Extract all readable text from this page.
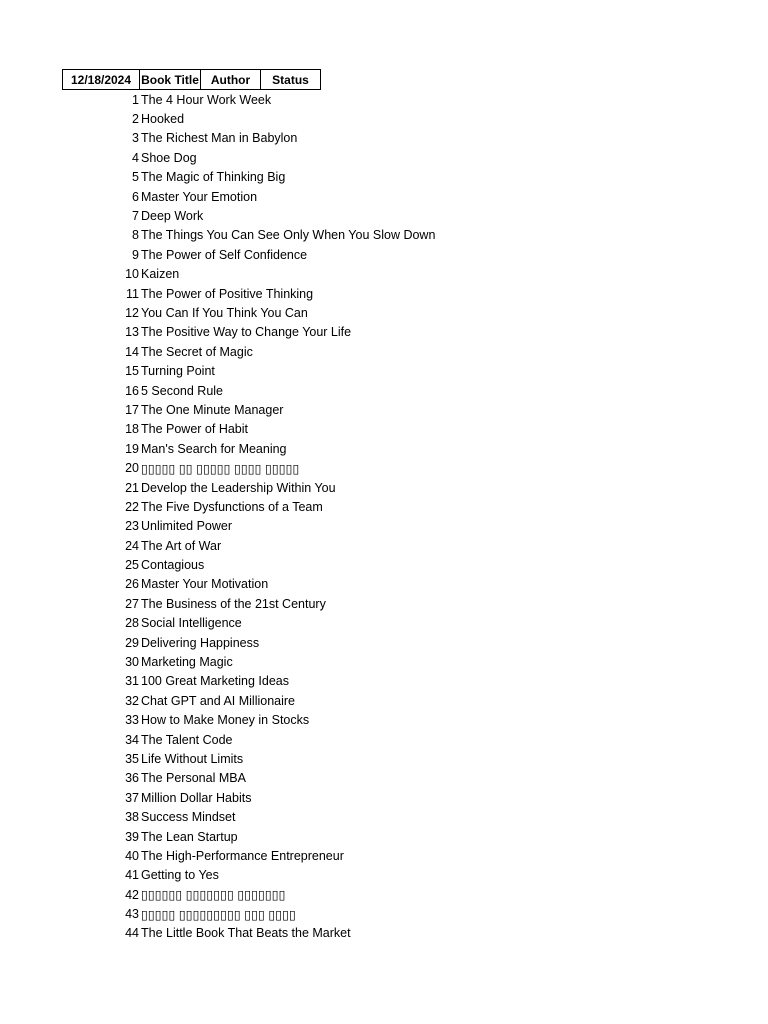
12/18/2024 Book Title Author	Status
1 The 4 Hour Work Week
2 Hooked
3 The Richest Man in Babylon
4 Shoe Dog
5 The Magic of Thinking Big
6 Master Your Emotion
7 Deep Work
8 The Things You Can See Only When You Slow Down
9 The Power of Self Confidence
10 Kaizen
11 The Power of Positive Thinking
12 You Can If You Think You Can
13 The Positive Way to Change Your Life
14 The Secret of Magic
15 Turning Point
16 5 Second Rule
17 The One Minute Manager
18 The Power of Habit
19 Man's Search for Meaning
20 ▯▯▯▯▯ ▯▯ ▯▯▯▯▯ ▯▯▯▯ ▯▯▯▯▯
21 Develop the Leadership Within You
22 The Five Dysfunctions of a Team
23 Unlimited Power
24 The Art of War
25 Contagious
26 Master Your Motivation
27 The Business of the 21st Century
28 Social Intelligence
29 Delivering Happiness
30 Marketing Magic
31 100 Great Marketing Ideas
32 Chat GPT and AI Millionaire
33 How to Make Money in Stocks
34 The Talent Code
35 Life Without Limits
36 The Personal MBA
37 Million Dollar Habits
38 Success Mindset
39 The Lean Startup
40 The High-Performance Entrepreneur
41 Getting to Yes
42 ▯▯▯▯▯▯ ▯▯▯▯▯▯▯ ▯▯▯▯▯▯▯
43 ▯▯▯▯▯ ▯▯▯▯▯▯▯▯▯ ▯▯▯ ▯▯▯▯
44 The Little Book That Beats the Market
